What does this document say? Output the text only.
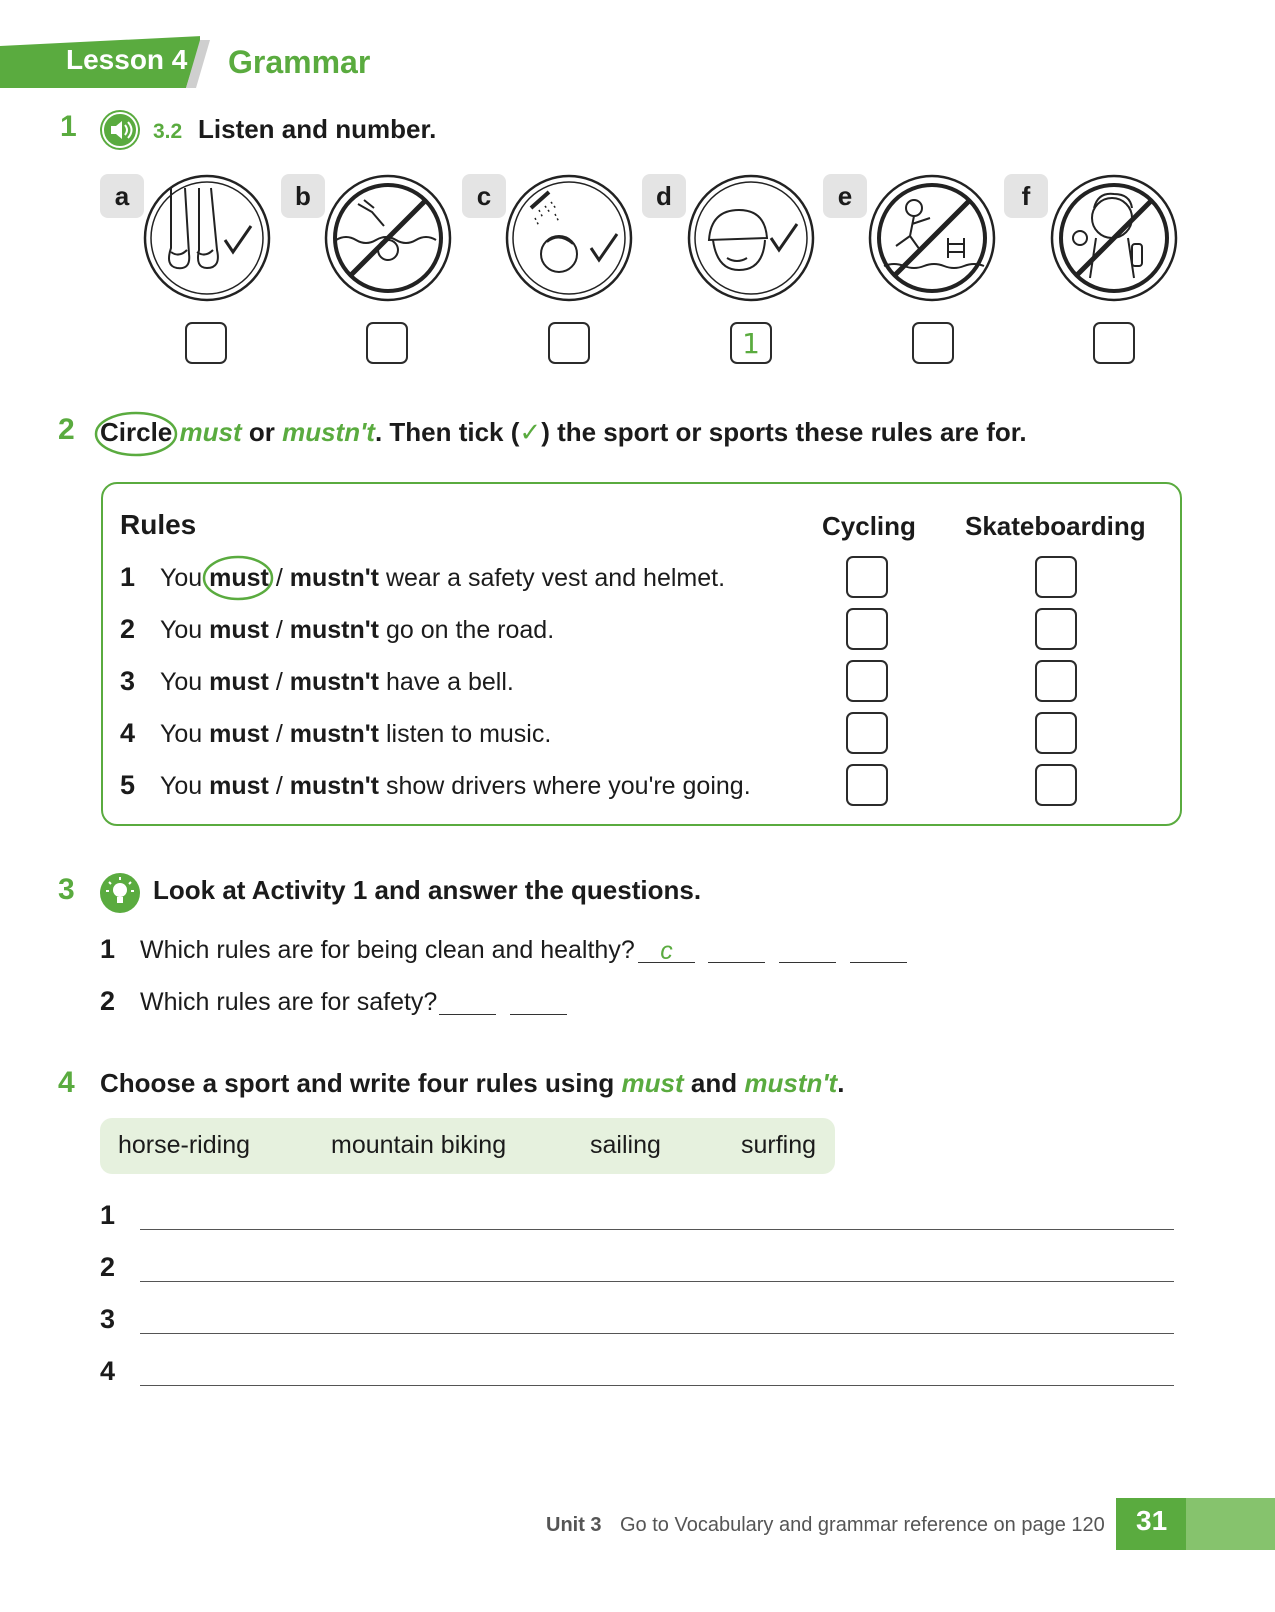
Lesson 4 Grammar
1	3.2 Listen and number.
a	b	c	d
1
e	f
2 Circle must or mustn't. Then tick (✓) the sport or sports these rules are for.
Rules	Cycling Skateboarding
1 You must / mustn't wear a safety vest and helmet.
2 You must / mustn't go on the road.
3 You must / mustn't have a bell.
4 You must / mustn't listen to music.
5 You must / mustn't show drivers where you're going.
3	Look at Activity 1 and answer the questions.
1 Which rules are for being clean and healthy?	c
2 Which rules are for safety?
4 Choose a sport and write four rules using must and mustn't.
horse-riding	mountain biking	sailing	surfing
1
2
3
4
Unit 3 Go to Vocabulary and grammar reference on page 120 31
